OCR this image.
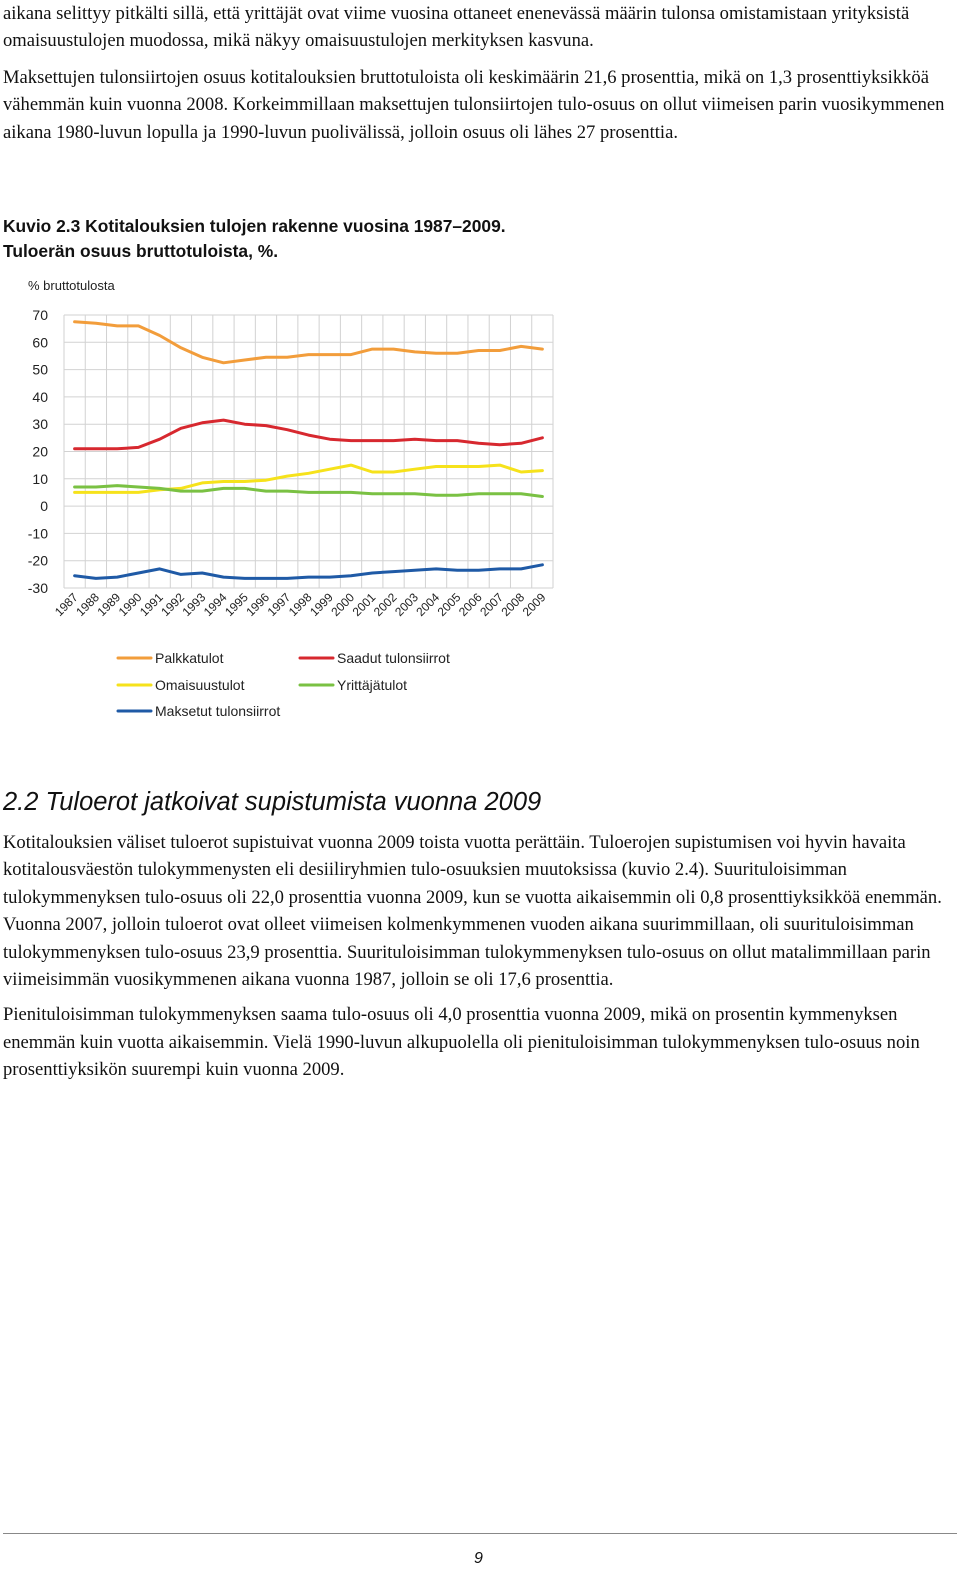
aikana selittyy pitkälti sillä, että yrittäjät ovat viime vuosina ottaneet enenevässä määrin tulonsa omistamistaan yrityksistä omaisuustulojen muodossa, mikä näkyy omaisuustulojen merkityksen kasvuna.

Maksettujen tulonsiirtojen osuus kotitalouksien bruttotuloista oli keskimäärin 21,6 prosenttia, mikä on 1,3 prosenttiyksikköä vähemmän kuin vuonna 2008. Korkeimmillaan maksettujen tulonsiirtojen tulo-osuus on ollut viimeisen parin vuosikymmenen aikana 1980-luvun lopulla ja 1990-luvun puolivälissä, jolloin osuus oli lähes 27 prosenttia.

Kuvio 2.3 Kotitalouksien tulojen rakenne vuosina 1987–2009.
Tuloerän osuus bruttotuloista, %.
% bruttotulosta
70
60
50
40
30
20
10
0
-10
-20
-30
1987
1988
1989
1990
1991
1992
1993
1994
1995
1996
1997
1998
1999
2000
2001
2002
2003
2004
2005
2006
2007
2008
2009
Palkkatulot	Saadut tulonsiirrot
Omaisuustulot	Yrittäjätulot
Maksetut tulonsiirrot
2.2 Tuloerot jatkoivat supistumista vuonna 2009

Kotitalouksien väliset tuloerot supistuivat vuonna 2009 toista vuotta perättäin. Tuloerojen supistumisen voi hyvin havaita kotitalousväestön tulokymmenysten eli desiiliryhmien tulo-osuuksien muutoksissa (kuvio 2.4). Suurituloisimman tulokymmenyksen tulo-osuus oli 22,0 prosenttia vuonna 2009, kun se vuotta aikaisemmin oli 0,8 prosenttiyksikköä enemmän. Vuonna 2007, jolloin tuloerot ovat olleet viimeisen kolmenkymmenen vuoden aikana suurimmillaan, oli suurituloisimman tulokymmenyksen tulo-osuus 23,9 prosenttia. Suurituloisimman tulokymmenyksen tulo-osuus on ollut matalimmillaan parin viimeisimmän vuosikymmenen aikana vuonna 1987, jolloin se oli 17,6 prosenttia.

Pienituloisimman tulokymmenyksen saama tulo-osuus oli 4,0 prosenttia vuonna 2009, mikä on prosentin kymmenyksen enemmän kuin vuotta aikaisemmin. Vielä 1990-luvun alkupuolella oli pienituloisimman tulokymmenyksen tulo-osuus noin prosenttiyksikön suurempi kuin vuonna 2009.

9
